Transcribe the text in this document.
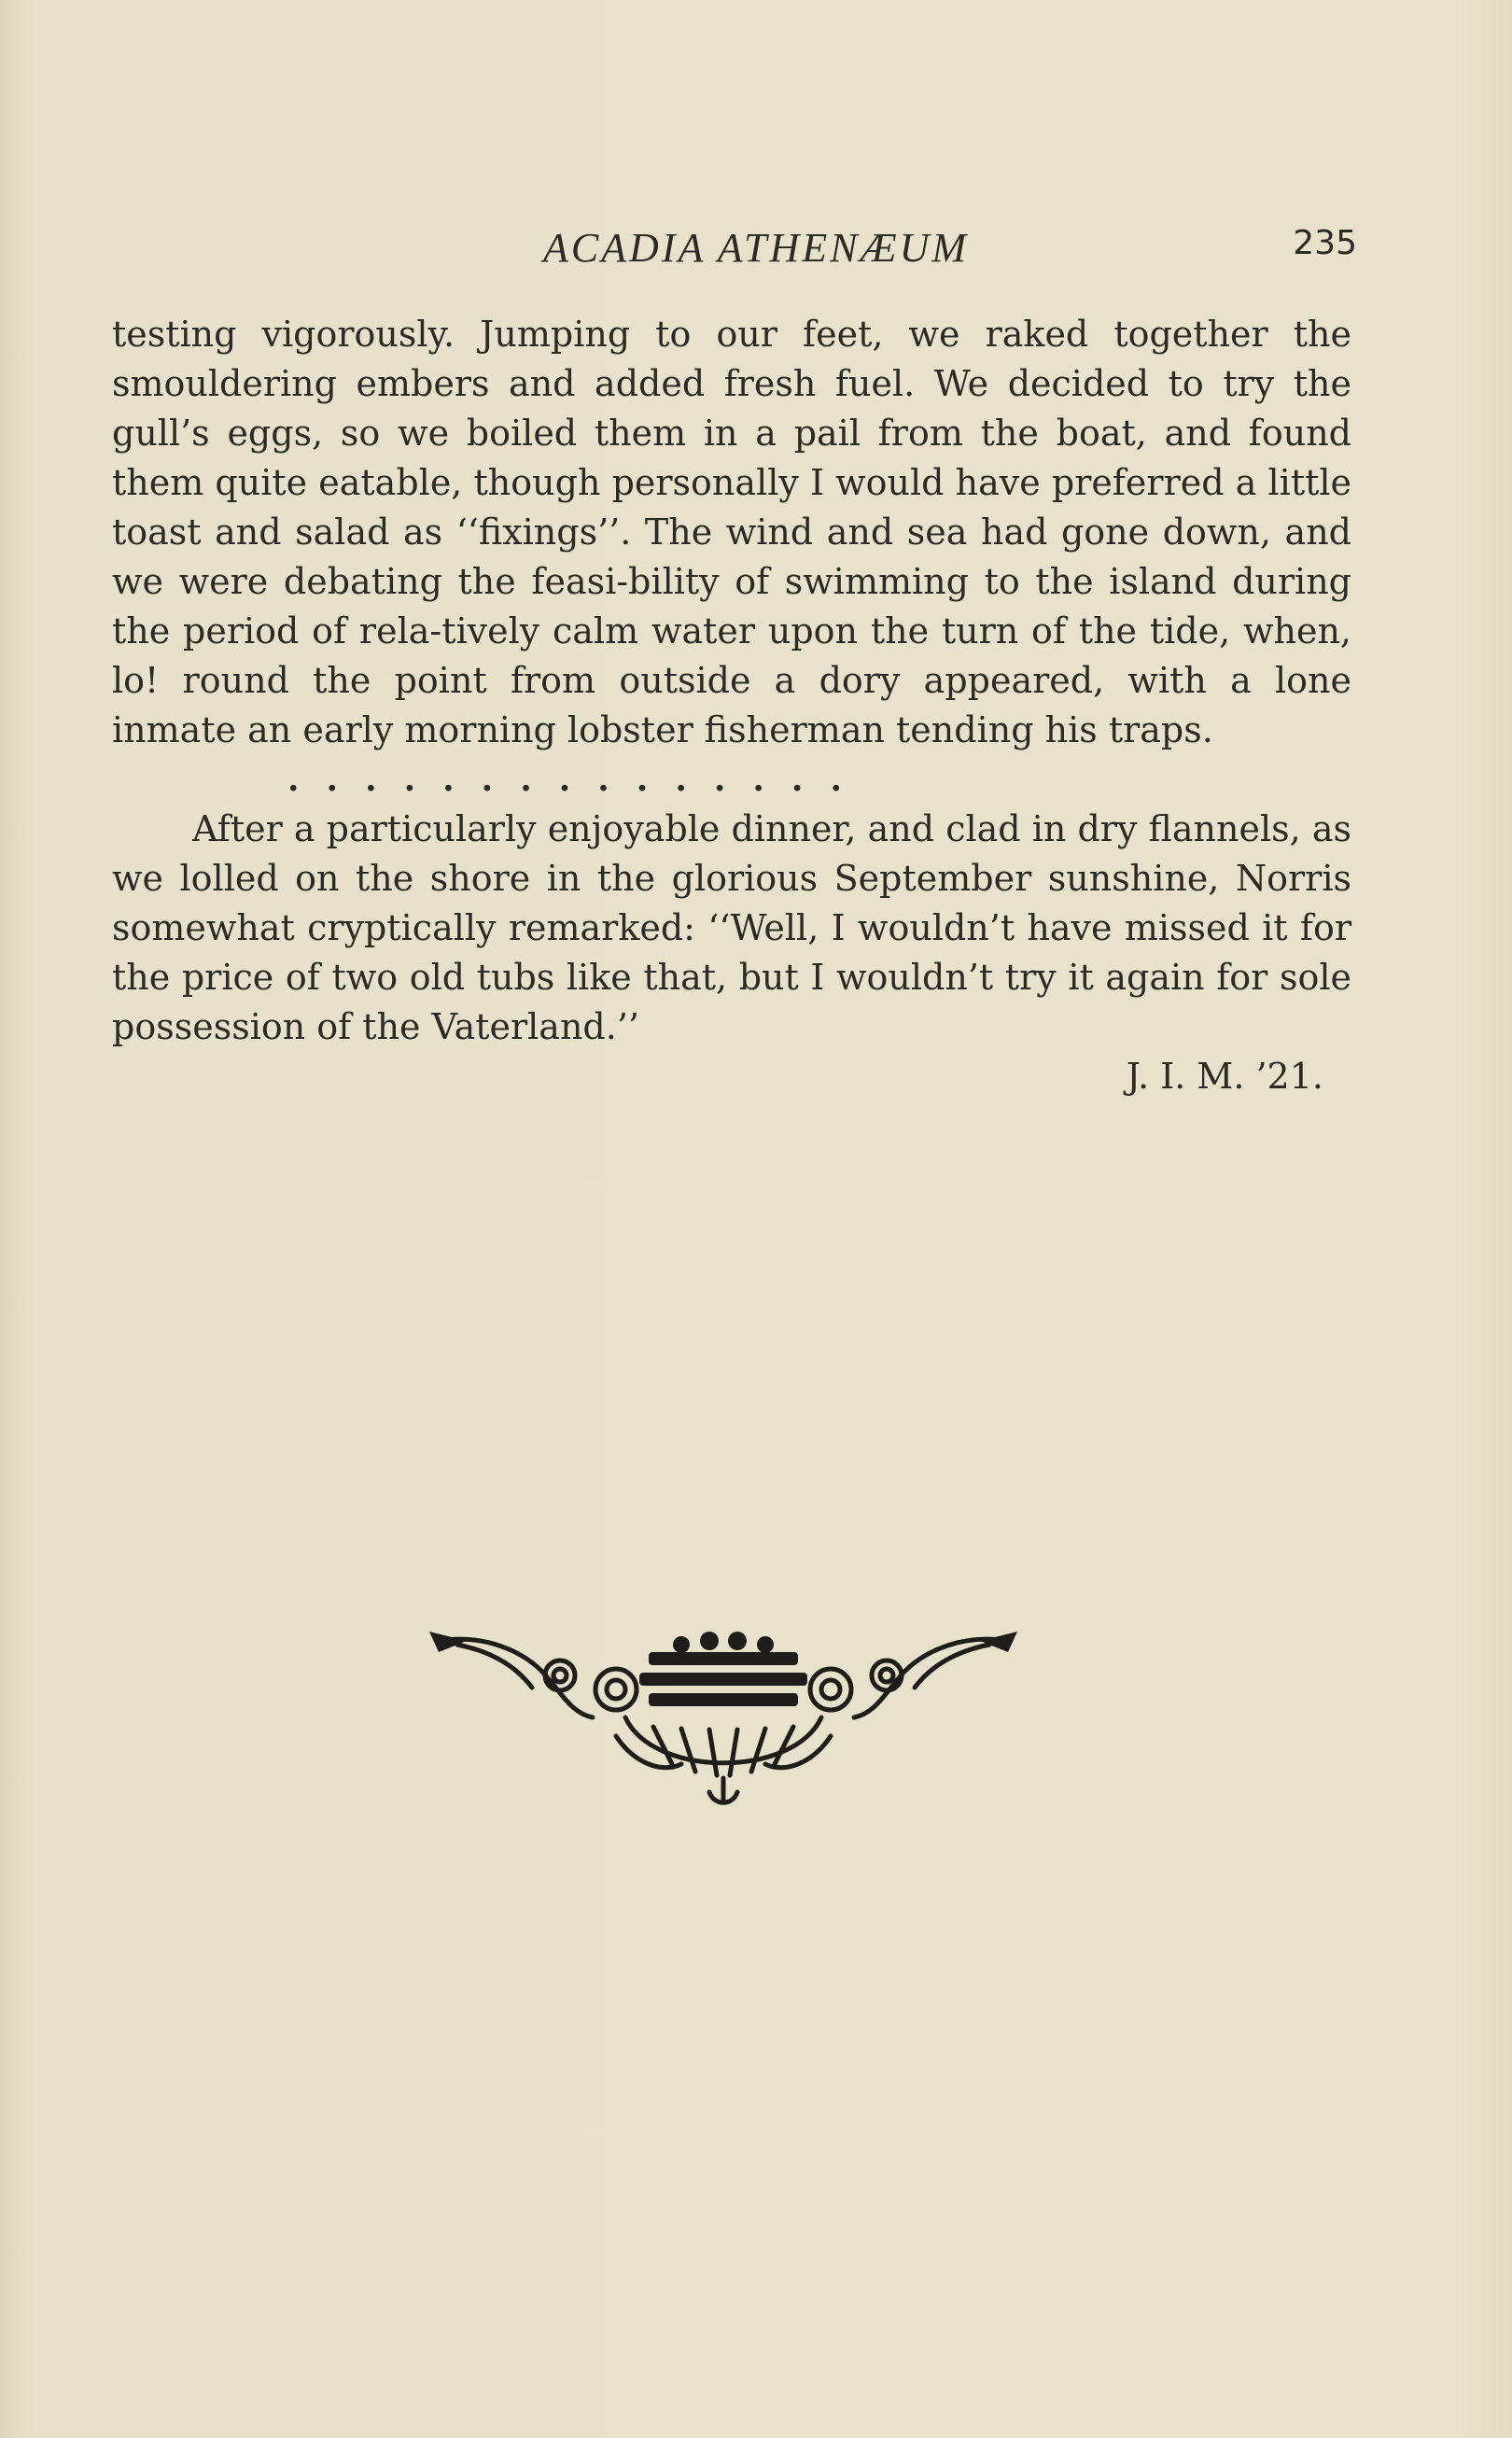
ACADIA ATHENÆUM	235

testing vigorously. Jumping to our feet, we raked together the smouldering embers and added fresh fuel. We decided to try the gull’s eggs, so we boiled them in a pail from the boat, and found them quite eatable, though personally I would have preferred a little toast and salad as ‘‘fixings’’. The wind and sea had gone down, and we were debating the feasi-bility of swimming to the island during the period of rela-tively calm water upon the turn of the tide, when, lo! round the point from outside a dory appeared, with a lone inmate an early morning lobster fisherman tending his traps.

...............

After a particularly enjoyable dinner, and clad in dry flannels, as we lolled on the shore in the glorious September sunshine, Norris somewhat cryptically remarked: ‘‘Well, I wouldn’t have missed it for the price of two old tubs like that, but I wouldn’t try it again for sole possession of the Vaterland.’’

J. I. M. ’21.
